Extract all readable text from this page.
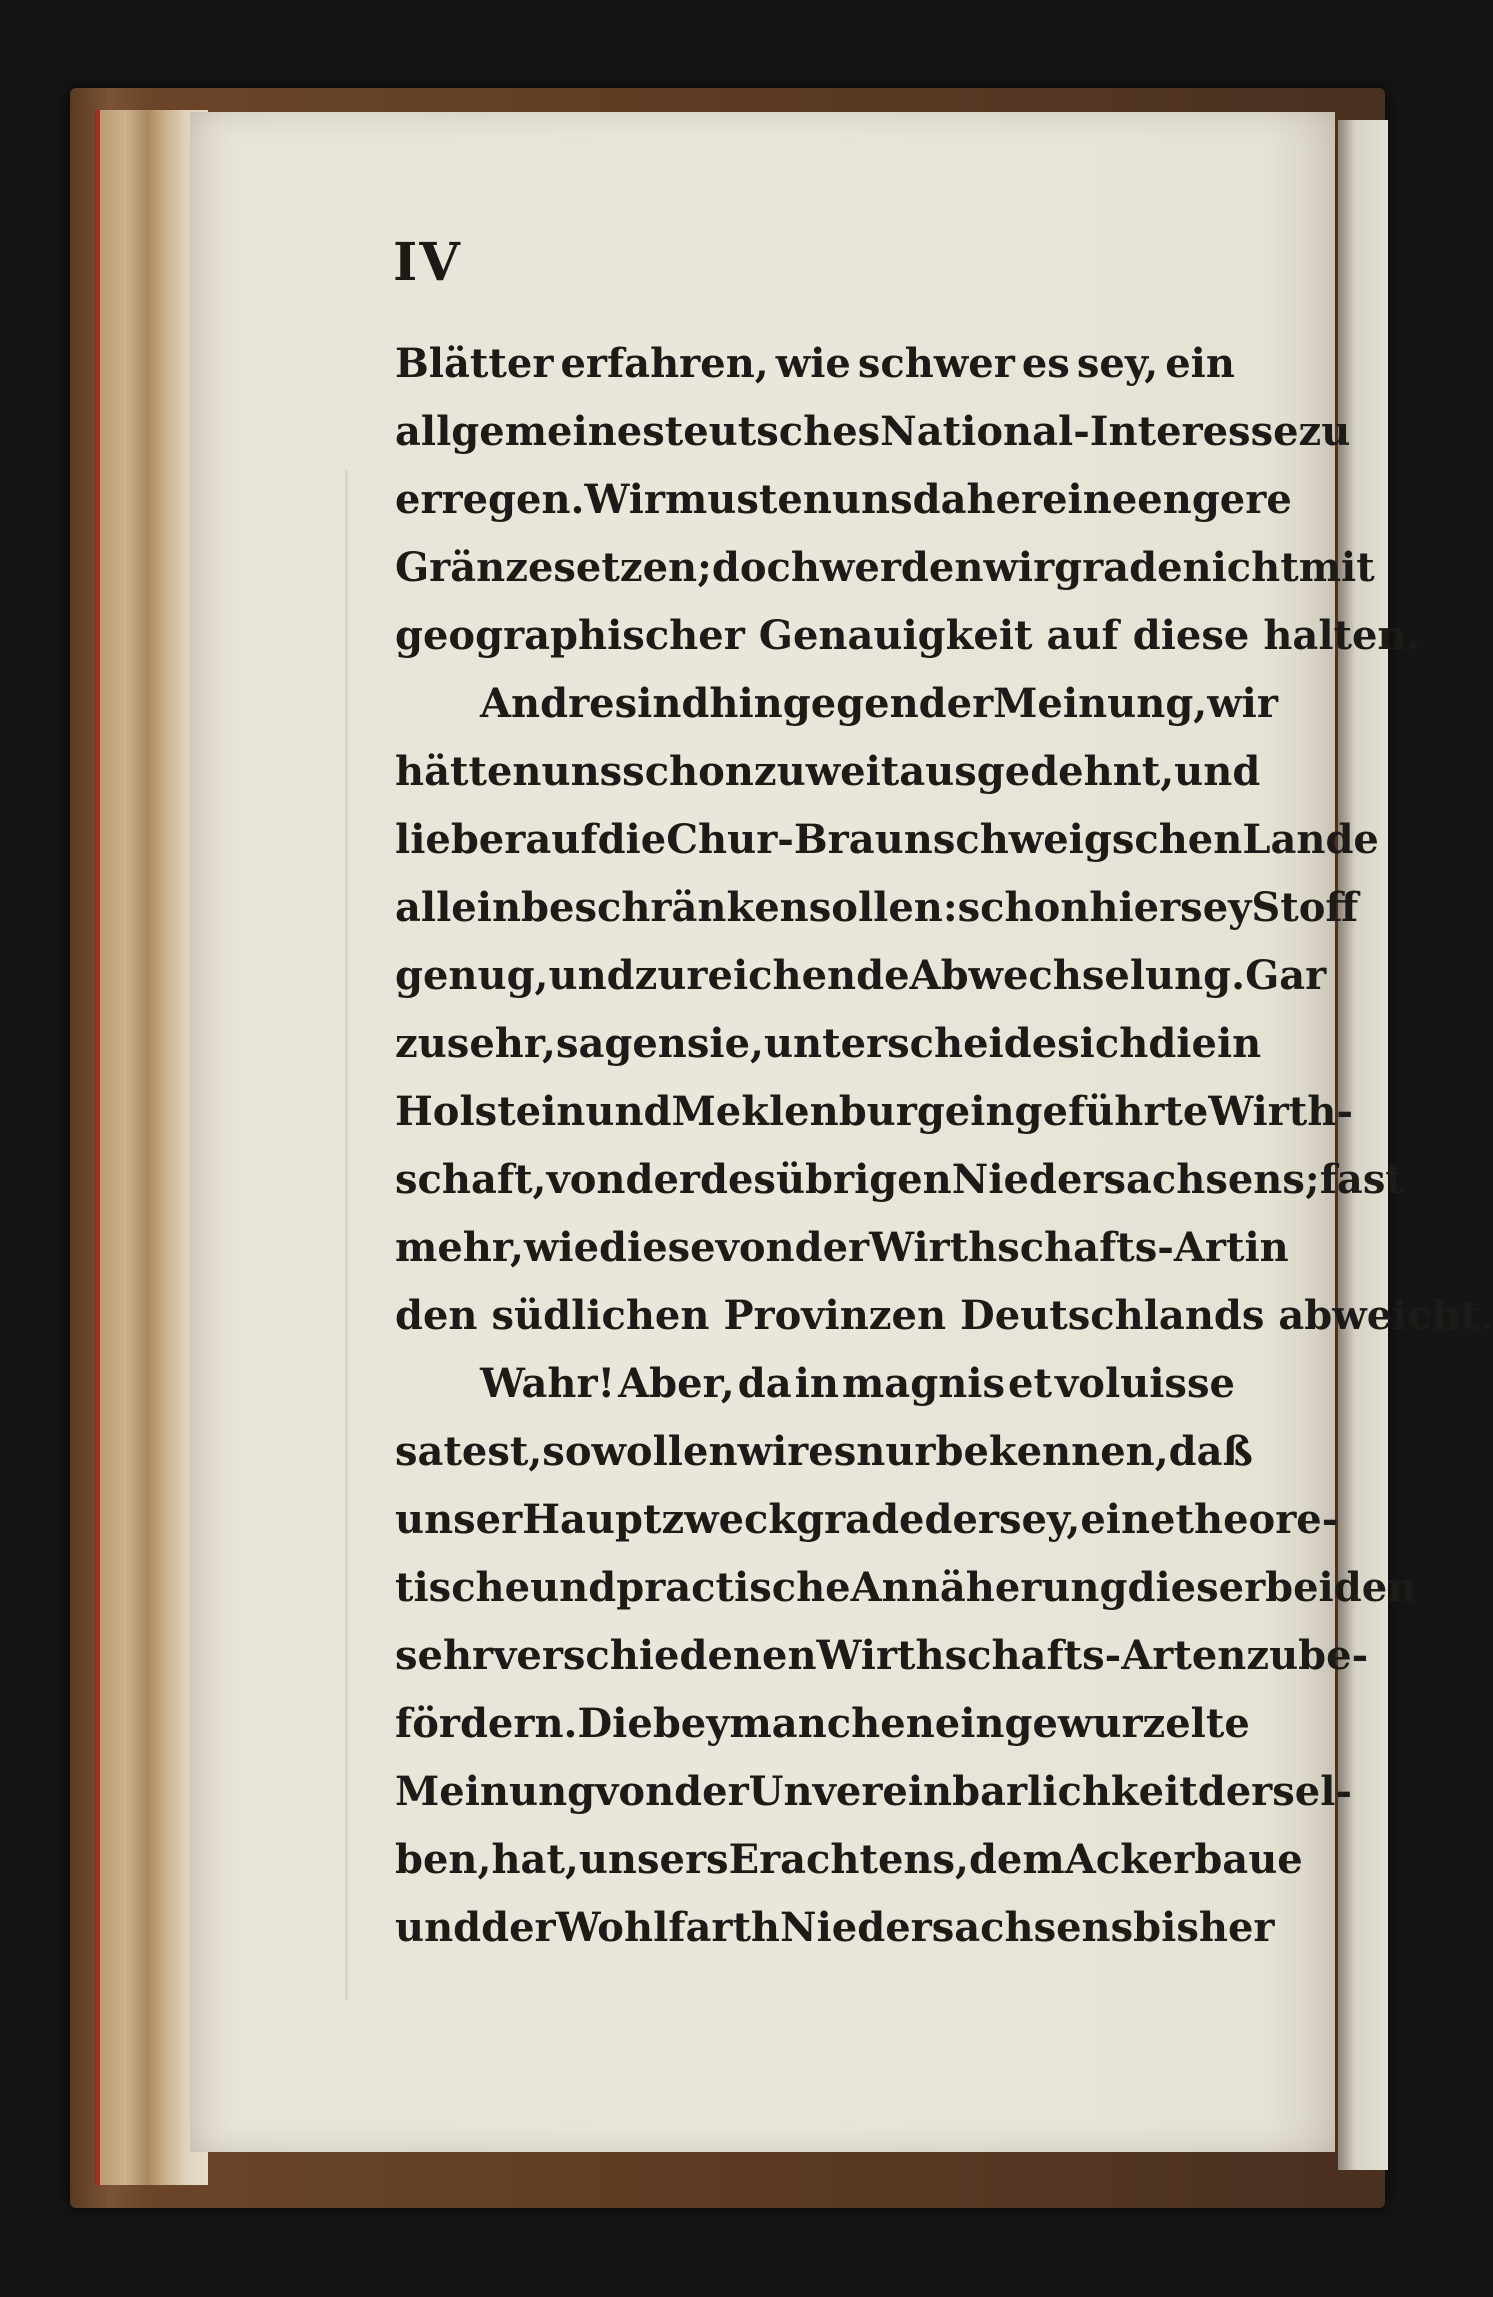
IV
Blätter erfahren, wie schwer es sey, ein
allgemeines teutsches National-Interesse zu
erregen. Wir musten uns daher eine engere
Gränze setzen; doch werden wir grade nicht mit
geographischer Genauigkeit auf diese halten.
Andre sind hingegen der Meinung, wir
hätten uns schon zu weit ausgedehnt, und
lieber auf die Chur-Braunschweigschen Lande
allein beschränken sollen: schon hier sey Stoff
genug, und zureichende Abwechselung. Gar
zu sehr, sagen sie, unterscheide sich die in
Holstein und Meklenburg eingeführte Wirth-
schaft, von der des übrigen Niedersachsens; fast
mehr, wie diese von der Wirthschafts-Art in
den südlichen Provinzen Deutschlands abweicht.
Wahr! Aber, da in magnis et voluisse
sat est, so wollen wir es nur bekennen, daß
unser Hauptzweck grade der sey, eine theore-
tische und practische Annäherung dieser beiden
sehr verschiedenen Wirthschafts-Arten zu be-
fördern. Die bey manchen eingewurzelte
Meinung von der Unvereinbarlichkeit dersel-
ben, hat, unsers Erachtens, dem Ackerbaue
und der Wohlfarth Niedersachsens bisher
